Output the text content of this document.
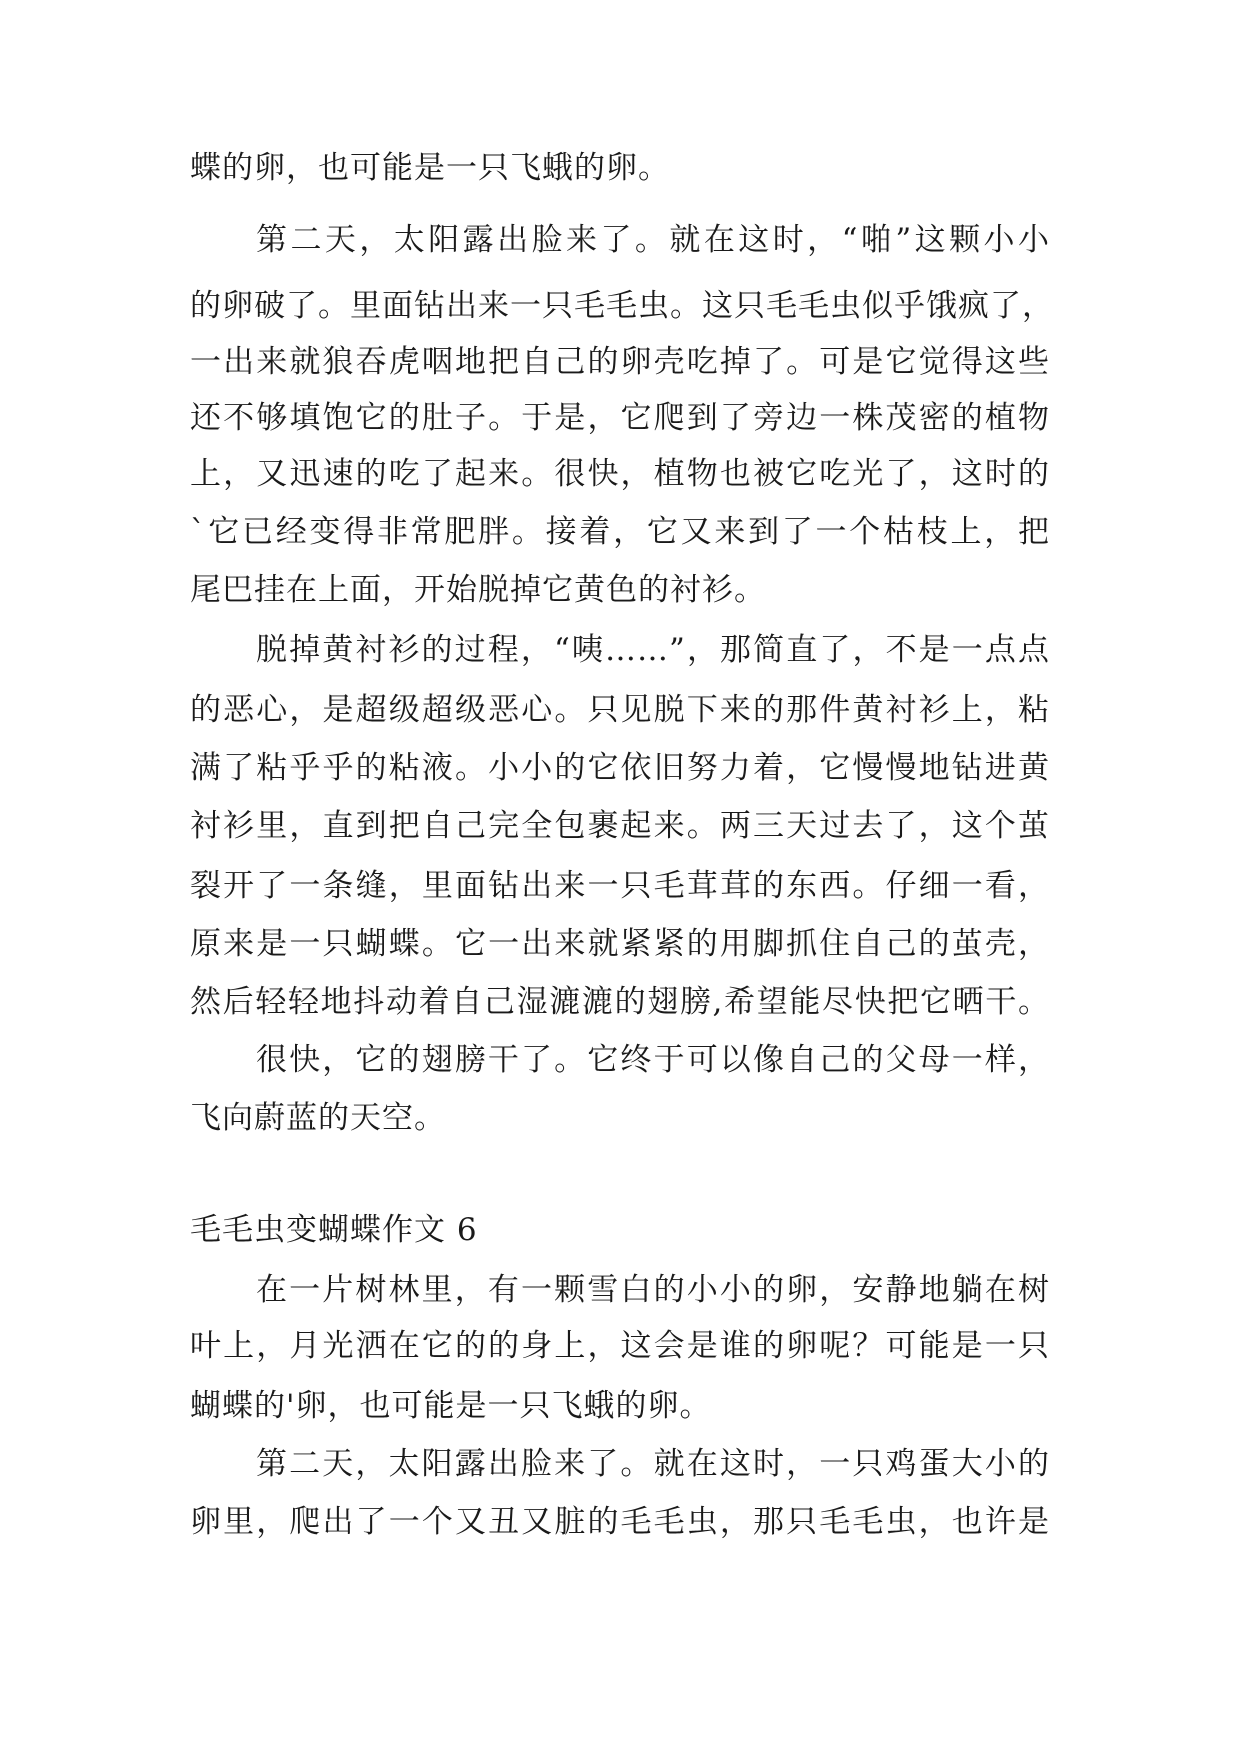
蝶的卵，也可能是一只飞蛾的卵。
第二天，太阳露出脸来了。就在这时，“啪”这颗小小
的卵破了。里面钻出来一只毛毛虫。这只毛毛虫似乎饿疯了，
一出来就狼吞虎咽地把自己的卵壳吃掉了。可是它觉得这些
还不够填饱它的肚子。于是，它爬到了旁边一株茂密的植物
上，又迅速的吃了起来。很快，植物也被它吃光了，这时的
`它已经变得非常肥胖。接着，它又来到了一个枯枝上，把
尾巴挂在上面，开始脱掉它黄色的衬衫。
脱掉黄衬衫的过程，“咦……”，那简直了，不是一点点
的恶心，是超级超级恶心。只见脱下来的那件黄衬衫上，粘
满了粘乎乎的粘液。小小的它依旧努力着，它慢慢地钻进黄
衬衫里，直到把自己完全包裹起来。两三天过去了，这个茧
裂开了一条缝，里面钻出来一只毛茸茸的东西。仔细一看，
原来是一只蝴蝶。它一出来就紧紧的用脚抓住自己的茧壳，
然后轻轻地抖动着自己湿漉漉的翅膀,希望能尽快把它晒干。
很快，它的翅膀干了。它终于可以像自己的父母一样，
飞向蔚蓝的天空。
毛毛虫变蝴蝶作文 6
在一片树林里，有一颗雪白的小小的卵，安静地躺在树
叶上，月光洒在它的的身上，这会是谁的卵呢？可能是一只
蝴蝶的'卵，也可能是一只飞蛾的卵。
第二天，太阳露出脸来了。就在这时，一只鸡蛋大小的
卵里，爬出了一个又丑又脏的毛毛虫，那只毛毛虫，也许是
